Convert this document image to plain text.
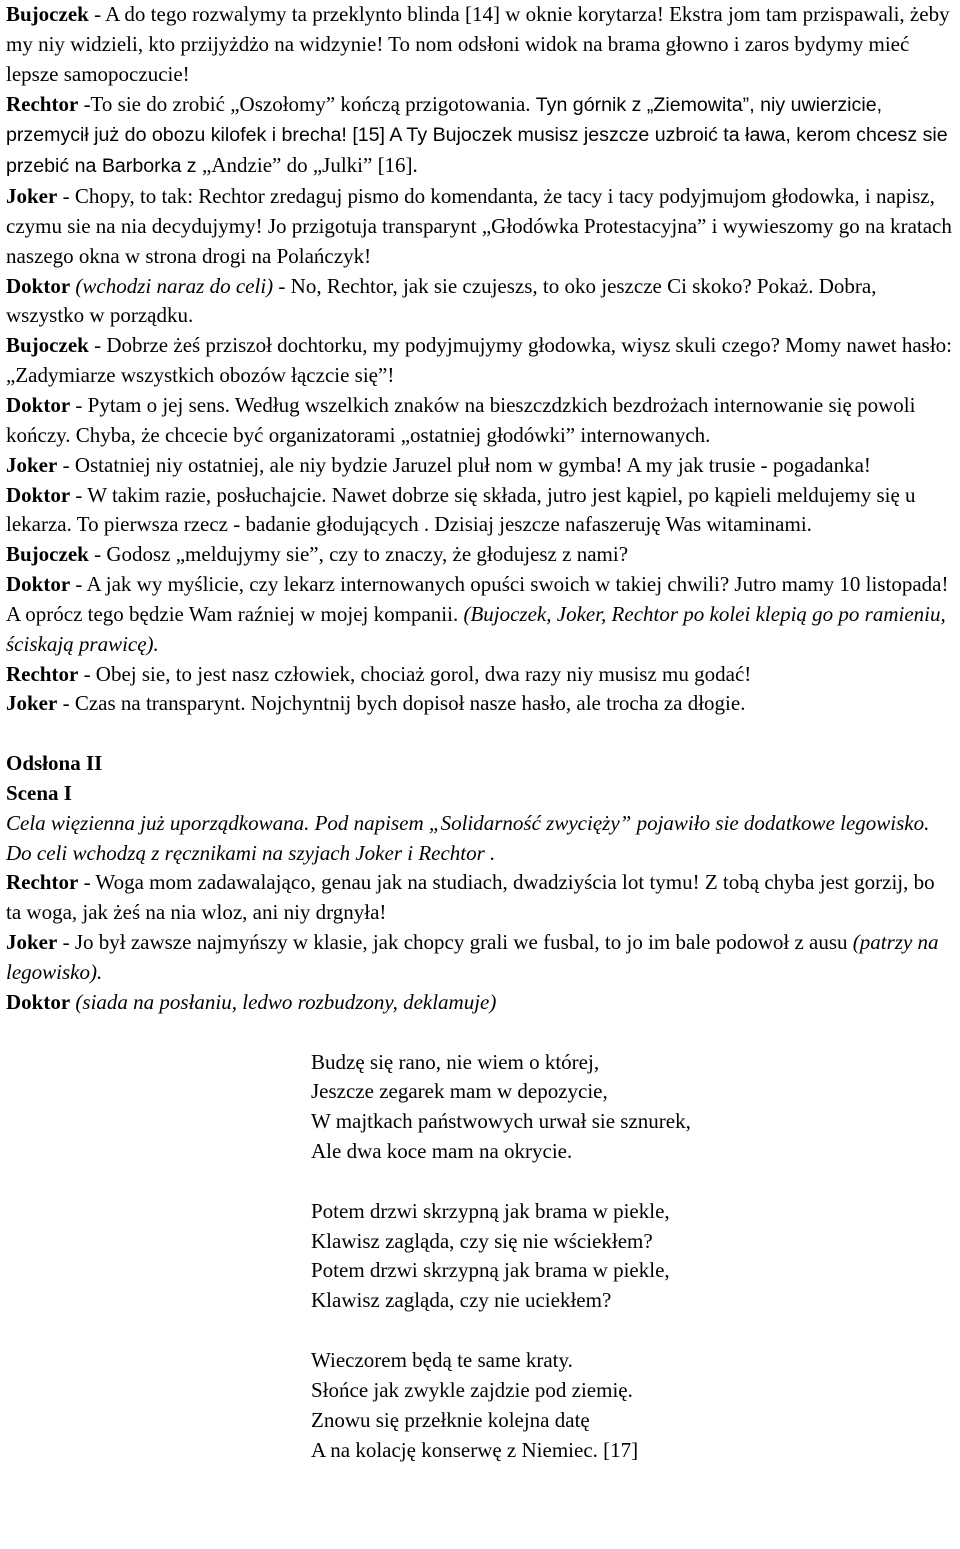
Bujoczek - A do tego rozwalymy ta przeklynto blinda [14] w oknie korytarza! Ekstra jom tam przispawali, żeby my niy widzieli, kto przijyżdżo na widzynie! To nom odsłoni widok na brama głowno i zaros bydymy mieć lepsze samopoczucie!

Rechtor -To sie do zrobić „Oszołomy” kończą przigotowania. Tyn górnik z „Ziemowita”, niy uwierzicie, przemycił już do obozu kilofek i brecha! [15] A Ty Bujoczek musisz jeszcze uzbroić ta ława, kerom chcesz sie przebić na Barborka z „Andzie” do „Julki” [16].

Joker - Chopy, to tak: Rechtor zredaguj pismo do komendanta, że tacy i tacy podyjmujom głodowka, i napisz, czymu sie na nia decydujymy! Jo przigotuja transparynt „Głodówka Protestacyjna” i wywieszomy go na kratach naszego okna w strona drogi na Polańczyk!

Doktor (wchodzi naraz do celi) - No, Rechtor, jak sie czujeszs, to oko jeszcze Ci skoko? Pokaż. Dobra, wszystko w porządku.

Bujoczek - Dobrze żeś prziszoł dochtorku, my podyjmujymy głodowka, wiysz skuli czego? Momy nawet hasło: „Zadymiarze wszystkich obozów łączcie się”!

Doktor - Pytam o jej sens. Według wszelkich znaków na bieszczdzkich bezdrożach internowanie się powoli kończy. Chyba, że chcecie być organizatorami „ostatniej głodówki” internowanych.

Joker - Ostatniej niy ostatniej, ale niy bydzie Jaruzel pluł nom w gymba! A my jak trusie - pogadanka!

Doktor - W takim razie, posłuchajcie. Nawet dobrze się składa, jutro jest kąpiel, po kąpieli meldujemy się u lekarza. To pierwsza rzecz - badanie głodujących . Dzisiaj jeszcze nafaszeruję Was witaminami.

Bujoczek - Godosz „meldujymy sie”, czy to znaczy, że głodujesz z nami?

Doktor - A jak wy myślicie, czy lekarz internowanych opuści swoich w takiej chwili? Jutro mamy 10 listopada! A oprócz tego będzie Wam raźniej w mojej kompanii. (Bujoczek, Joker, Rechtor po kolei klepią go po ramieniu, ściskają prawicę).

Rechtor - Obej sie, to jest nasz człowiek, chociaż gorol, dwa razy niy musisz mu godać!

Joker - Czas na transparynt. Nojchyntnij bych dopisoł nasze hasło, ale trocha za dłogie.

Odsłona II

Scena I

Cela więzienna już uporządkowana. Pod napisem „Solidarność zwycięży” pojawiło sie dodatkowe legowisko. Do celi wchodzą z ręcznikami na szyjach Joker i Rechtor .

Rechtor - Woga mom zadawalająco, genau jak na studiach, dwadziyścia lot tymu! Z tobą chyba jest gorzij, bo ta woga, jak żeś na nia wloz, ani niy drgnyła!

Joker - Jo był zawsze najmyńszy w klasie, jak chopcy grali we fusbal, to jo im bale podowoł z ausu (patrzy na legowisko).

Doktor (siada na posłaniu, ledwo rozbudzony, deklamuje)

Budzę się rano, nie wiem o której,
Jeszcze zegarek mam w depozycie,
W majtkach państwowych urwał sie sznurek,
Ale dwa koce mam na okrycie.
Potem drzwi skrzypną jak brama w piekle,
Klawisz zagląda, czy się nie wściekłem?
Potem drzwi skrzypną jak brama w piekle,
Klawisz zagląda, czy nie uciekłem?
Wieczorem będą te same kraty.
Słońce jak zwykle zajdzie pod ziemię.
Znowu się przełknie kolejna datę
A na kolację konserwę z Niemiec. [17]
